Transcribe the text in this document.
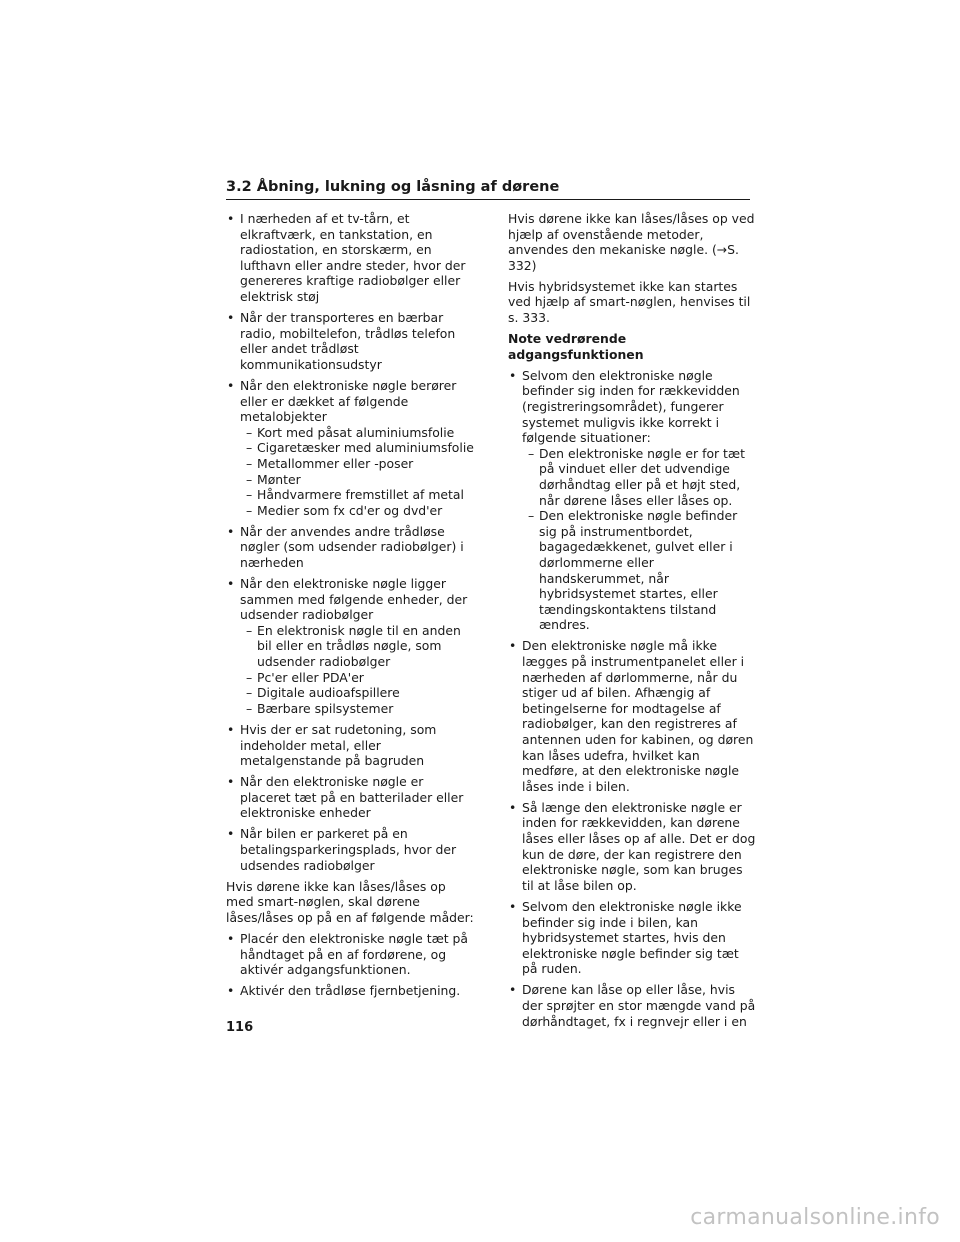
3.2 Åbning, lukning og låsning af dørene
• I nærheden af et tv-tårn, et elkraftværk, en tankstation, en radiostation, en storskærm, en lufthavn eller andre steder, hvor der genereres kraftige radiobølger eller elektrisk støj
• Når der transporteres en bærbar radio, mobiltelefon, trådløs telefon eller andet trådløst kommunikationsudstyr
• Når den elektroniske nøgle berører eller er dækket af følgende metalobjekter
– Kort med påsat aluminiumsfolie
– Cigaretæsker med aluminiumsfolie
– Metallommer eller -poser
– Mønter
– Håndvarmere fremstillet af metal
– Medier som fx cd'er og dvd'er
• Når der anvendes andre trådløse nøgler (som udsender radiobølger) i nærheden
• Når den elektroniske nøgle ligger sammen med følgende enheder, der udsender radiobølger
– En elektronisk nøgle til en anden bil eller en trådløs nøgle, som udsender radiobølger
– Pc'er eller PDA'er
– Digitale audioafspillere
– Bærbare spilsystemer
• Hvis der er sat rudetoning, som indeholder metal, eller metalgenstande på bagruden
• Når den elektroniske nøgle er placeret tæt på en batterilader eller elektroniske enheder
• Når bilen er parkeret på en betalingsparkeringsplads, hvor der udsendes radiobølger

Hvis dørene ikke kan låses/låses op med smart-nøglen, skal dørene låses/låses op på en af følgende måder:

• Placér den elektroniske nøgle tæt på håndtaget på en af fordørene, og aktivér adgangsfunktionen.
• Aktivér den trådløse fjernbetjening.

Hvis dørene ikke kan låses/låses op ved hjælp af ovenstående metoder, anvendes den mekaniske nøgle. (→S. 332)

Hvis hybridsystemet ikke kan startes ved hjælp af smart-nøglen, henvises til s. 333.

Note vedrørende adgangsfunktionen

• Selvom den elektroniske nøgle befinder sig inden for rækkevidden (registreringsområdet), fungerer systemet muligvis ikke korrekt i følgende situationer:
– Den elektroniske nøgle er for tæt på vinduet eller det udvendige dørhåndtag eller på et højt sted, når dørene låses eller låses op.
– Den elektroniske nøgle befinder sig på instrumentbordet, bagagedækkenet, gulvet eller i dørlommerne eller handskerummet, når hybridsystemet startes, eller tændingskontaktens tilstand ændres.
• Den elektroniske nøgle må ikke lægges på instrumentpanelet eller i nærheden af dørlommerne, når du stiger ud af bilen. Afhængig af betingelserne for modtagelse af radiobølger, kan den registreres af antennen uden for kabinen, og døren kan låses udefra, hvilket kan medføre, at den elektroniske nøgle låses inde i bilen.
• Så længe den elektroniske nøgle er inden for rækkevidden, kan dørene låses eller låses op af alle. Det er dog kun de døre, der kan registrere den elektroniske nøgle, som kan bruges til at låse bilen op.
• Selvom den elektroniske nøgle ikke befinder sig inde i bilen, kan hybridsystemet startes, hvis den elektroniske nøgle befinder sig tæt på ruden.
• Dørene kan låse op eller låse, hvis der sprøjter en stor mængde vand på dørhåndtaget, fx i regnvejr eller i en
116
carmanualsonline.info
